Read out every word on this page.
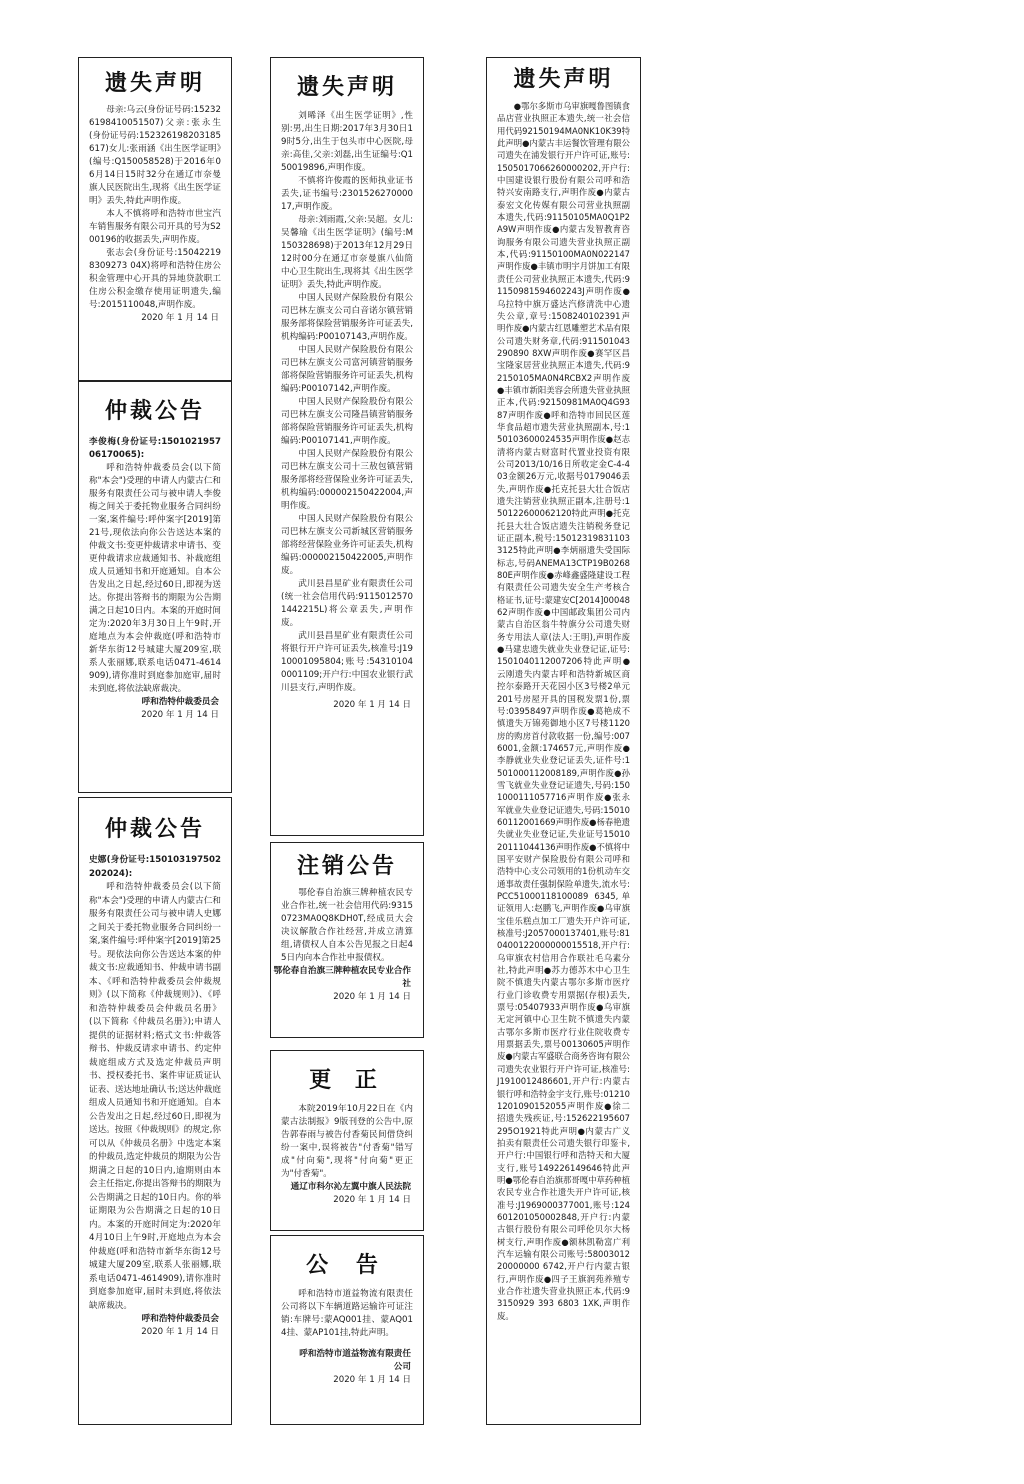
遗失声明

母亲:乌云(身份证号码:152326198410051507)父亲:张永生(身份证号码:152326198203185617)女儿:张雨涵《出生医学证明》(编号:Q150058528)于2016年06月14日15时32分在通辽市奈曼旗人民医院出生,现将《出生医学证明》丢失,特此声明作废。

本人不慎将呼和浩特市世宝汽车销售服务有限公司开具的号为S200196的收据丢失,声明作废。

张志会(身份证号:150422198309273 04X)将呼和浩特住房公积金管理中心开具的异地贷款职工住房公积金缴存使用证明遗失,编号:2015110048,声明作废。

2020 年 1 月 14 日
仲裁公告

李俊梅(身份证号:150102195706170065):

呼和浩特仲裁委员会(以下简称"本会")受理的申请人内蒙古仁和服务有限责任公司与被申请人李俊梅之间关于委托物业服务合同纠纷一案,案件编号:呼仲案字[2019]第21号,现依法向你公告送达本案的仲裁文书:变更仲裁请求申请书、变更仲裁请求应裁通知书、补裁庭组成人员通知书和开庭通知。自本公告发出之日起,经过60日,即视为送达。你提出答辩书的期限为公告期满之日起10日内。本案的开庭时间定为:2020年3月30日上午9时,开庭地点为本会仲裁庭(呼和浩特市新华东街12号城建大厦209室,联系人张丽娜,联系电话0471-4614909),请你准时到庭参加庭审,届时未到庭,将依法缺席裁决。

呼和浩特仲裁委员会
2020 年 1 月 14 日
仲裁公告

史娜(身份证号:150103197502202024):

呼和浩特仲裁委员会(以下简称"本会")受理的申请人内蒙古仁和服务有限责任公司与被申请人史娜之间关于委托物业服务合同纠纷一案,案件编号:呼仲案字[2019]第25号。现依法向你公告送达本案的仲裁文书:应裁通知书、仲裁申请书副本、《呼和浩特仲裁委员会仲裁规则》(以下简称《仲裁规则》)、《呼和浩特仲裁委员会仲裁员名册》(以下简称《仲裁员名册》);申请人提供的证据材料;格式文书:仲裁答辩书、仲裁反请求申请书、约定仲裁庭组成方式及选定仲裁员声明书、授权委托书、案件审证质证认证表、送达地址确认书;送达仲裁庭组成人员通知书和开庭通知。自本公告发出之日起,经过60日,即视为送达。按照《仲裁规则》的规定,你可以从《仲裁员名册》中选定本案的仲裁员,选定仲裁员的期限为公告期满之日起的10日内,逾期则由本会主任指定,你提出答辩书的期限为公告期满之日起的10日内。你的举证期限为公告期满之日起的10日内。本案的开庭时间定为:2020年4月10日上午9时,开庭地点为本会仲裁庭(呼和浩特市新华东街12号城建大厦209室,联系人张丽娜,联系电话0471-4614909),请你准时到庭参加庭审,届时未到庭,将依法缺席裁决。

呼和浩特仲裁委员会
2020 年 1 月 14 日
遗失声明

刘晞泽《出生医学证明》,性别:男,出生日期:2017年3月30日19时5分,出生于包头市中心医院,母亲:高佳,父亲:刘磊,出生证编号:Q150019896,声明作废。

不慎将许俊霞的医师执业证书丢失,证书编号:230152627000017,声明作废。

母亲:刘雨霞,父亲:吴超。女儿:吴馨瑜《出生医学证明》(编号:M 150328698)于2013年12月29日12时00分在通辽市奈曼旗八仙筒中心卫生院出生,现将其《出生医学证明》丢失,特此声明作废。

中国人民财产保险股份有限公司巴林左旗支公司白音诺尔镇营销服务部将保险营销服务许可证丢失,机构编码:P00107143,声明作废。

中国人民财产保险股份有限公司巴林左旗支公司富河镇营销服务部将保险营销服务许可证丢失,机构编码:P00107142,声明作废。

中国人民财产保险股份有限公司巴林左旗支公司隆昌镇营销服务部将保险营销服务许可证丢失,机构编码:P00107141,声明作废。

中国人民财产保险股份有限公司巴林左旗支公司十三敖包镇营销服务部将经营保险业务许可证丢失,机构编码:000002150422004,声明作废。

中国人民财产保险股份有限公司巴林左旗支公司新城区营销服务部将经营保险业务许可证丢失,机构编码:000002150422005,声明作废。

武川县昌星矿业有限责任公司(统一社会信用代码:91150125701442215L)将公章丢失,声明作废。

武川县昌星矿业有限责任公司将银行开户许可证丢失,核准号:J1910001095804;账号:543101040001109;开户行:中国农业银行武川县支行,声明作废。

2020 年 1 月 14 日
注销公告

鄂伦春自治旗三牌种植农民专业合作社,统一社会信用代码:93150723MA0Q8KDH0T,经成员大会决议解散合作社经营,并成立清算组,请债权人自本公告见报之日起45日内向本合作社申报债权。

鄂伦春自治旗三牌种植农民专业合作社
2020 年 1 月 14 日
更 正

本院2019年10月22日在《内蒙古法制报》9版刊登的公告中,原告郭春雨与被告付香菊民间借贷纠纷一案中,误将被告"付香菊"错写成"付向菊",现将"付向菊"更正为"付香菊"。

通辽市科尔沁左翼中旗人民法院
2020 年 1 月 14 日
公 告

呼和浩特市道益物流有限责任公司将以下车辆道路运输许可证注销:车牌号:蒙AQ001挂、蒙AQ014挂、蒙AP101挂,特此声明。

呼和浩特市道益物流有限责任公司
2020 年 1 月 14 日
遗失声明

●鄂尔多斯市乌审旗嘎鲁图镇食品店营业执照正本遗失,统一社会信用代码92150194MA0NK10K39特此声明●内蒙古丰运餐饮管理有限公司遗失在浦发银行开户许可证,账号:1505017066260000202,开户行:中国建设银行股份有限公司呼和浩特兴安南路支行,声明作废●内蒙古泰宏文化传媒有限公司营业执照副本遗失,代码:91150105MA0Q1P2A9W声明作废●内蒙古发智教育咨询服务有限公司遗失营业执照正副本,代码:91150100MA0N022147声明作废●丰镇市明宇月饼加工有限责任公司营业执照正本遗失,代码:91150981594602243J声明作废●乌拉特中旗万盛达汽修清洗中心遗失公章,章号:1508240102391声明作废●内蒙古红恩雕塑艺术品有限公司遗失财务章,代码:911501043290890 8XW声明作废●赛罕区昌宝隆家居营业执照正本遗失,代码:92150105MA0N4RCBX2声明作废●丰镇市新阳美容会所遗失营业执照正本,代码:92150981MA0Q4G9387声明作废●呼和浩特市回民区莲华食品超市遗失营业执照副本,号:150103600024535声明作废●赵志清将内蒙古财富时代置业投资有限公司2013/10/16日所收定金C-4-403金额26万元,收据号0179046丢失,声明作废●托克托县大壮合饭店遗失注销营业执照正副本,注册号:150122600062120特此声明●托克托县大壮合饭店遗失注销税务登记证正副本,税号:150123198311033125特此声明●李炳丽遗失受国际标志,号码ANEMA13CTP19B026880E声明作废●赤峰鑫盛隆建设工程有限责任公司遗失安全生产考核合格证书,证号:蒙建安C[2014]0004862声明作废●中国邮政集团公司内蒙古自治区翁牛特旗分公司遗失财务专用法人章(法人:王明),声明作废●马建忠遗失就业失业登记证,证号:1501040112007206特此声明●云刚遗失内蒙古呼和浩特新城区商控尔泰路开天花园小区3号楼2单元201号房屋开具的国税发票1份,票号:03958497声明作废●葛艳成不慎遗失万锦苑御地小区7号楼1120房的购房首付款收据一份,编号:0076001,金额:174657元,声明作废●李静就业失业登记证丢失,证件号:1501000112008189,声明作废●孙雪飞就业失业登记证遗失,号码:1501000111057716声明作废●张永军就业失业登记证遗失,号码:1501060112001669声明作废●杨春艳遗失就业失业登记证,失业证号1501020111044136声明作废●不慎将中国平安财产保险股份有限公司呼和浩特中心支公司领用的1份机动车交通事故责任强制保险单遗失,流水号:PCC51000118100089 6345,单证领用人:赵鹏飞,声明作废●乌审旗宝佳乐糕点加工厂遗失开户许可证,核准号:J2057000137401,账号:810400122000000015518,开户行:乌审旗农村信用合作联社毛乌素分社,特此声明●苏力德苏木中心卫生院不慎遗失内蒙古鄂尔多斯市医疗行业门诊收费专用票据(存根)丢失,票号:05407933声明作废●乌审旗无定河镇中心卫生院不慎遗失内蒙古鄂尔多斯市医疗行业住院收费专用票据丢失,票号00130605声明作废●内蒙古军盛联合商务咨询有限公司遗失农业银行开户许可证,核准号:J1910012486601,开户行:内蒙古银行呼和浩特金宇支行,账号:012101201090152055声明作废●徐二招遗失残疾证,号:152622195607295O1921特此声明●内蒙古广义拍卖有限责任公司遗失银行印鉴卡,开户行:中国银行呼和浩特天和大厦支行,账号149226149646特此声明●鄂伦春自治旗那哥嘎中草药种植农民专业合作社遗失开户许可证,核准号:J1969000377001,账号:124601201050002848,开户行:内蒙古银行股份有限公司呼伦贝尔大杨树支行,声明作废●额林凯勒富广利汽车运输有限公司账号:5800301220000000 6742,开户行内蒙古银行,声明作废●四子王旗润苑养殖专业合作社遗失营业执照正本,代码:93150929 393 6803 1XK,声明作废。
